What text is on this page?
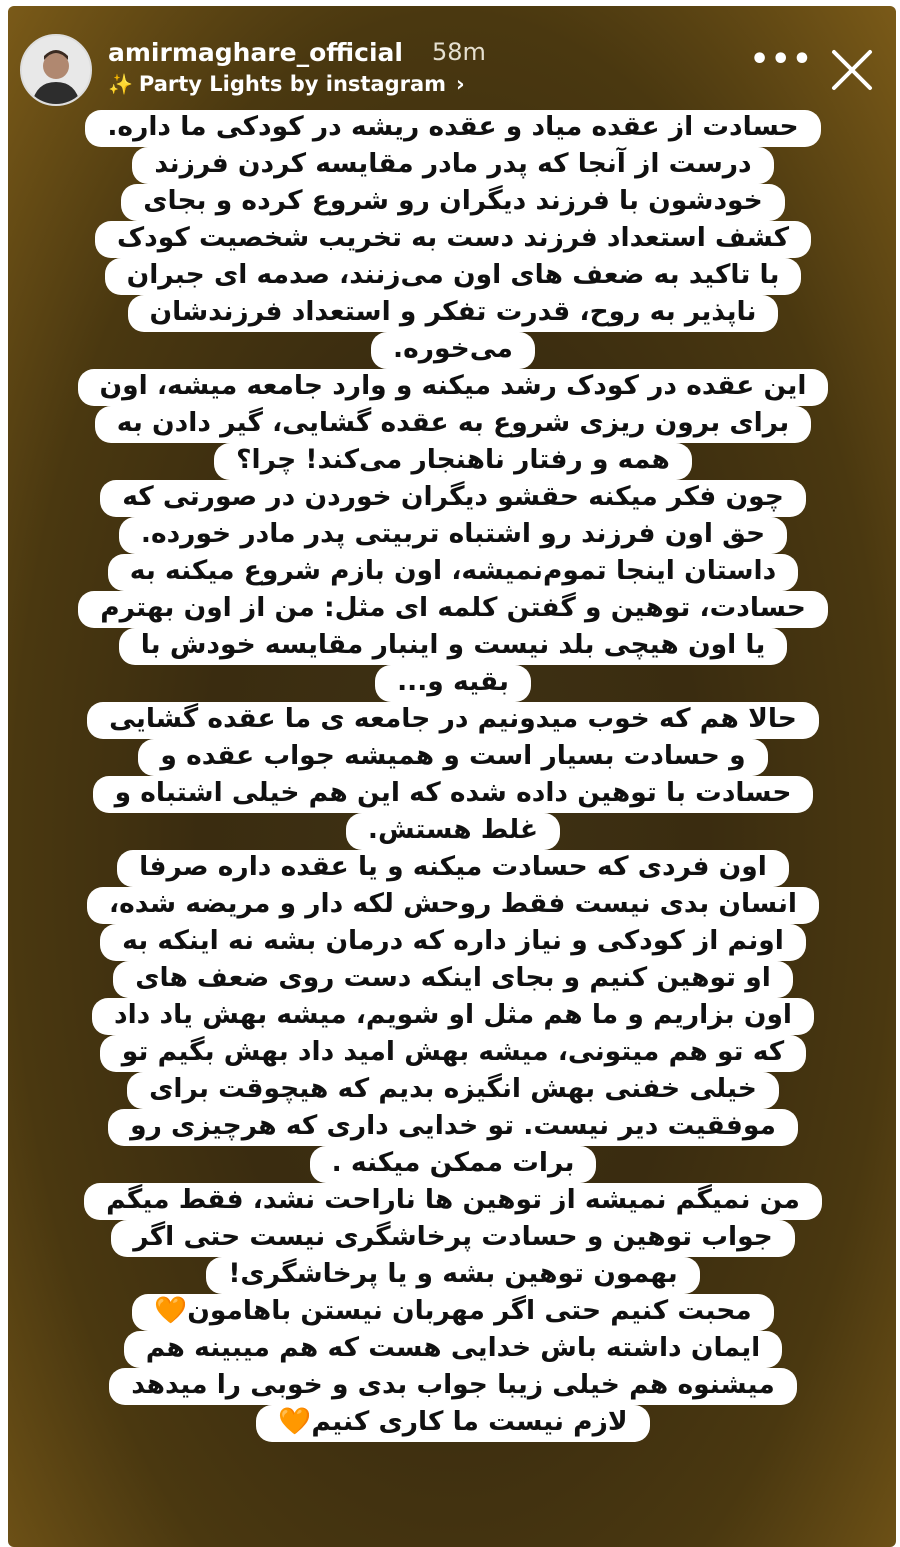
amirmaghare_official 58m
✨ Party Lights by instagram ›
•••
حسادت از عقده میاد و عقده ریشه در کودکی ما داره.
درست از آنجا که پدر مادر مقایسه کردن فرزند
خودشون با فرزند دیگران رو شروع کرده و بجای
کشف استعداد فرزند دست به تخریب شخصیت کودک
با تاکید به ضعف های اون می‌زنند، صدمه ای جبران
ناپذیر به روح، قدرت تفکر و استعداد فرزندشان
می‌خوره.
این عقده در کودک رشد میکنه و وارد جامعه میشه، اون
برای برون ریزی شروع به عقده گشایی، گیر دادن به
همه و رفتار ناهنجار می‌کند! چرا؟
چون فکر میکنه حقشو دیگران خوردن در صورتی که
حق اون فرزند رو اشتباه تربیتی پدر مادر خورده.
داستان اینجا تموم‌نمیشه، اون بازم شروع میکنه به
حسادت، توهین و گفتن کلمه ای مثل: من از اون بهترم
یا اون هیچی بلد نیست و اینبار مقایسه خودش با
بقیه و...
حالا هم که خوب میدونیم در جامعه ی ما عقده گشایی
و حسادت بسیار است و همیشه جواب عقده و
حسادت با توهین داده شده که این هم خیلی اشتباه و
غلط هستش.
اون فردی که حسادت میکنه و یا عقده داره صرفا
انسان بدی نیست فقط روحش لکه دار و مریضه شده،
اونم از کودکی و نیاز داره که درمان بشه نه اینکه به
او توهین کنیم و بجای اینکه دست روی ضعف های
اون بزاریم و ما هم مثل او شویم، میشه بهش یاد داد
که تو هم میتونی، میشه بهش امید داد بهش بگیم تو
خیلی خفنی بهش انگیزه بدیم که هیچوقت برای
موفقیت دیر نیست. تو خدایی داری که هرچیزی رو
برات ممکن میکنه .
من نمیگم نمیشه از توهین ها ناراحت نشد، فقط میگم
جواب توهین و حسادت پرخاشگری نیست حتی اگر
بهمون توهین بشه و یا پرخاشگری!
محبت کنیم حتی اگر مهربان نیستن باهامون🧡
ایمان داشته باش خدایی هست که هم میبینه هم
میشنوه هم خیلی زیبا جواب بدی و خوبی را میدهد
لازم نیست ما کاری کنیم🧡
